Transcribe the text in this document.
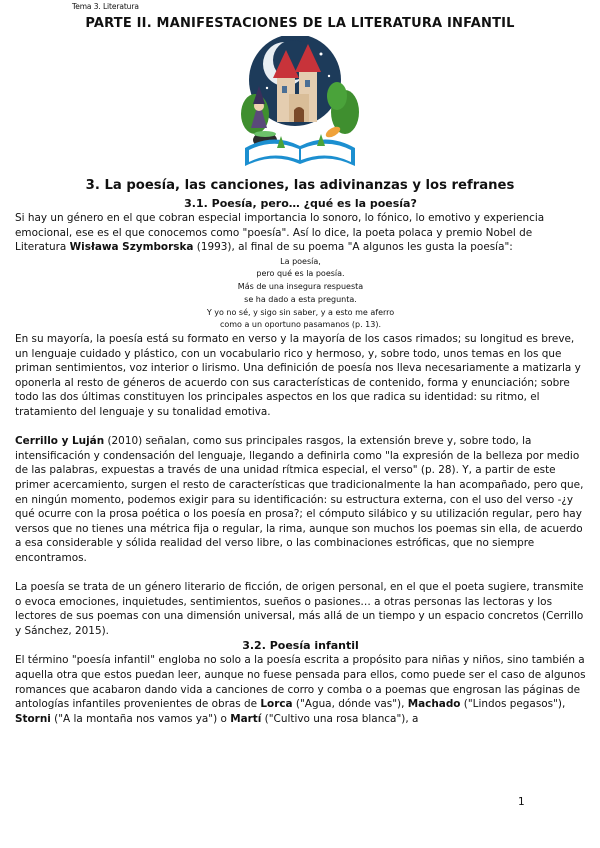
Tema 3. Literatura
PARTE II. MANIFESTACIONES DE LA LITERATURA INFANTIL
3. La poesía, las canciones, las adivinanzas y los refranes
3.1. Poesía, pero… ¿qué es la poesía?

Si hay un género en el que cobran especial importancia lo sonoro, lo fónico, lo emotivo y experiencia emocional, ese es el que conocemos como "poesía". Así lo dice, la poeta polaca y premio Nobel de Literatura Wisława Szymborska (1993), al final de su poema "A algunos les gusta la poesía":

La poesía,
pero qué es la poesía.
Más de una insegura respuesta
se ha dado a esta pregunta.
Y yo no sé, y sigo sin saber, y a esto me aferro
como a un oportuno pasamanos (p. 13).

En su mayoría, la poesía está su formato en verso y la mayoría de los casos rimados; su longitud es breve, un lenguaje cuidado y plástico, con un vocabulario rico y hermoso, y, sobre todo, unos temas en los que priman sentimientos, voz interior o lirismo. Una definición de poesía nos lleva necesariamente a matizarla y oponerla al resto de géneros de acuerdo con sus características de contenido, forma y enunciación; sobre todo las dos últimas constituyen los principales aspectos en los que radica su identidad: su ritmo, el tratamiento del lenguaje y su tonalidad emotiva.

Cerrillo y Luján (2010) señalan, como sus principales rasgos, la extensión breve y, sobre todo, la intensificación y condensación del lenguaje, llegando a definirla como "la expresión de la belleza por medio de las palabras, expuestas a través de una unidad rítmica especial, el verso" (p. 28). Y, a partir de este primer acercamiento, surgen el resto de características que tradicionalmente la han acompañado, pero que, en ningún momento, podemos exigir para su identificación: su estructura externa, con el uso del verso -¿y qué ocurre con la prosa poética o los poesía en prosa?; el cómputo silábico y su utilización regular, pero hay versos que no tienes una métrica fija o regular, la rima, aunque son muchos los poemas sin ella, de acuerdo a esa considerable y sólida realidad del verso libre, o las combinaciones estróficas, que no siempre encontramos.

La poesía se trata de un género literario de ficción, de origen personal, en el que el poeta sugiere, transmite o evoca emociones, inquietudes, sentimientos, sueños o pasiones… a otras personas las lectoras y los lectores de sus poemas con una dimensión universal, más allá de un tiempo y un espacio concretos (Cerrillo y Sánchez, 2015).

3.2. Poesía infantil

El término "poesía infantil" engloba no solo a la poesía escrita a propósito para niñas y niños, sino también a aquella otra que estos puedan leer, aunque no fuese pensada para ellos, como puede ser el caso de algunos romances que acabaron dando vida a canciones de corro y comba o a poemas que engrosan las páginas de antologías infantiles provenientes de obras de Lorca ("Agua, dónde vas"), Machado ("Lindos pegasos"), Storni ("A la montaña nos vamos ya") o Martí ("Cultivo una rosa blanca"), a

1
